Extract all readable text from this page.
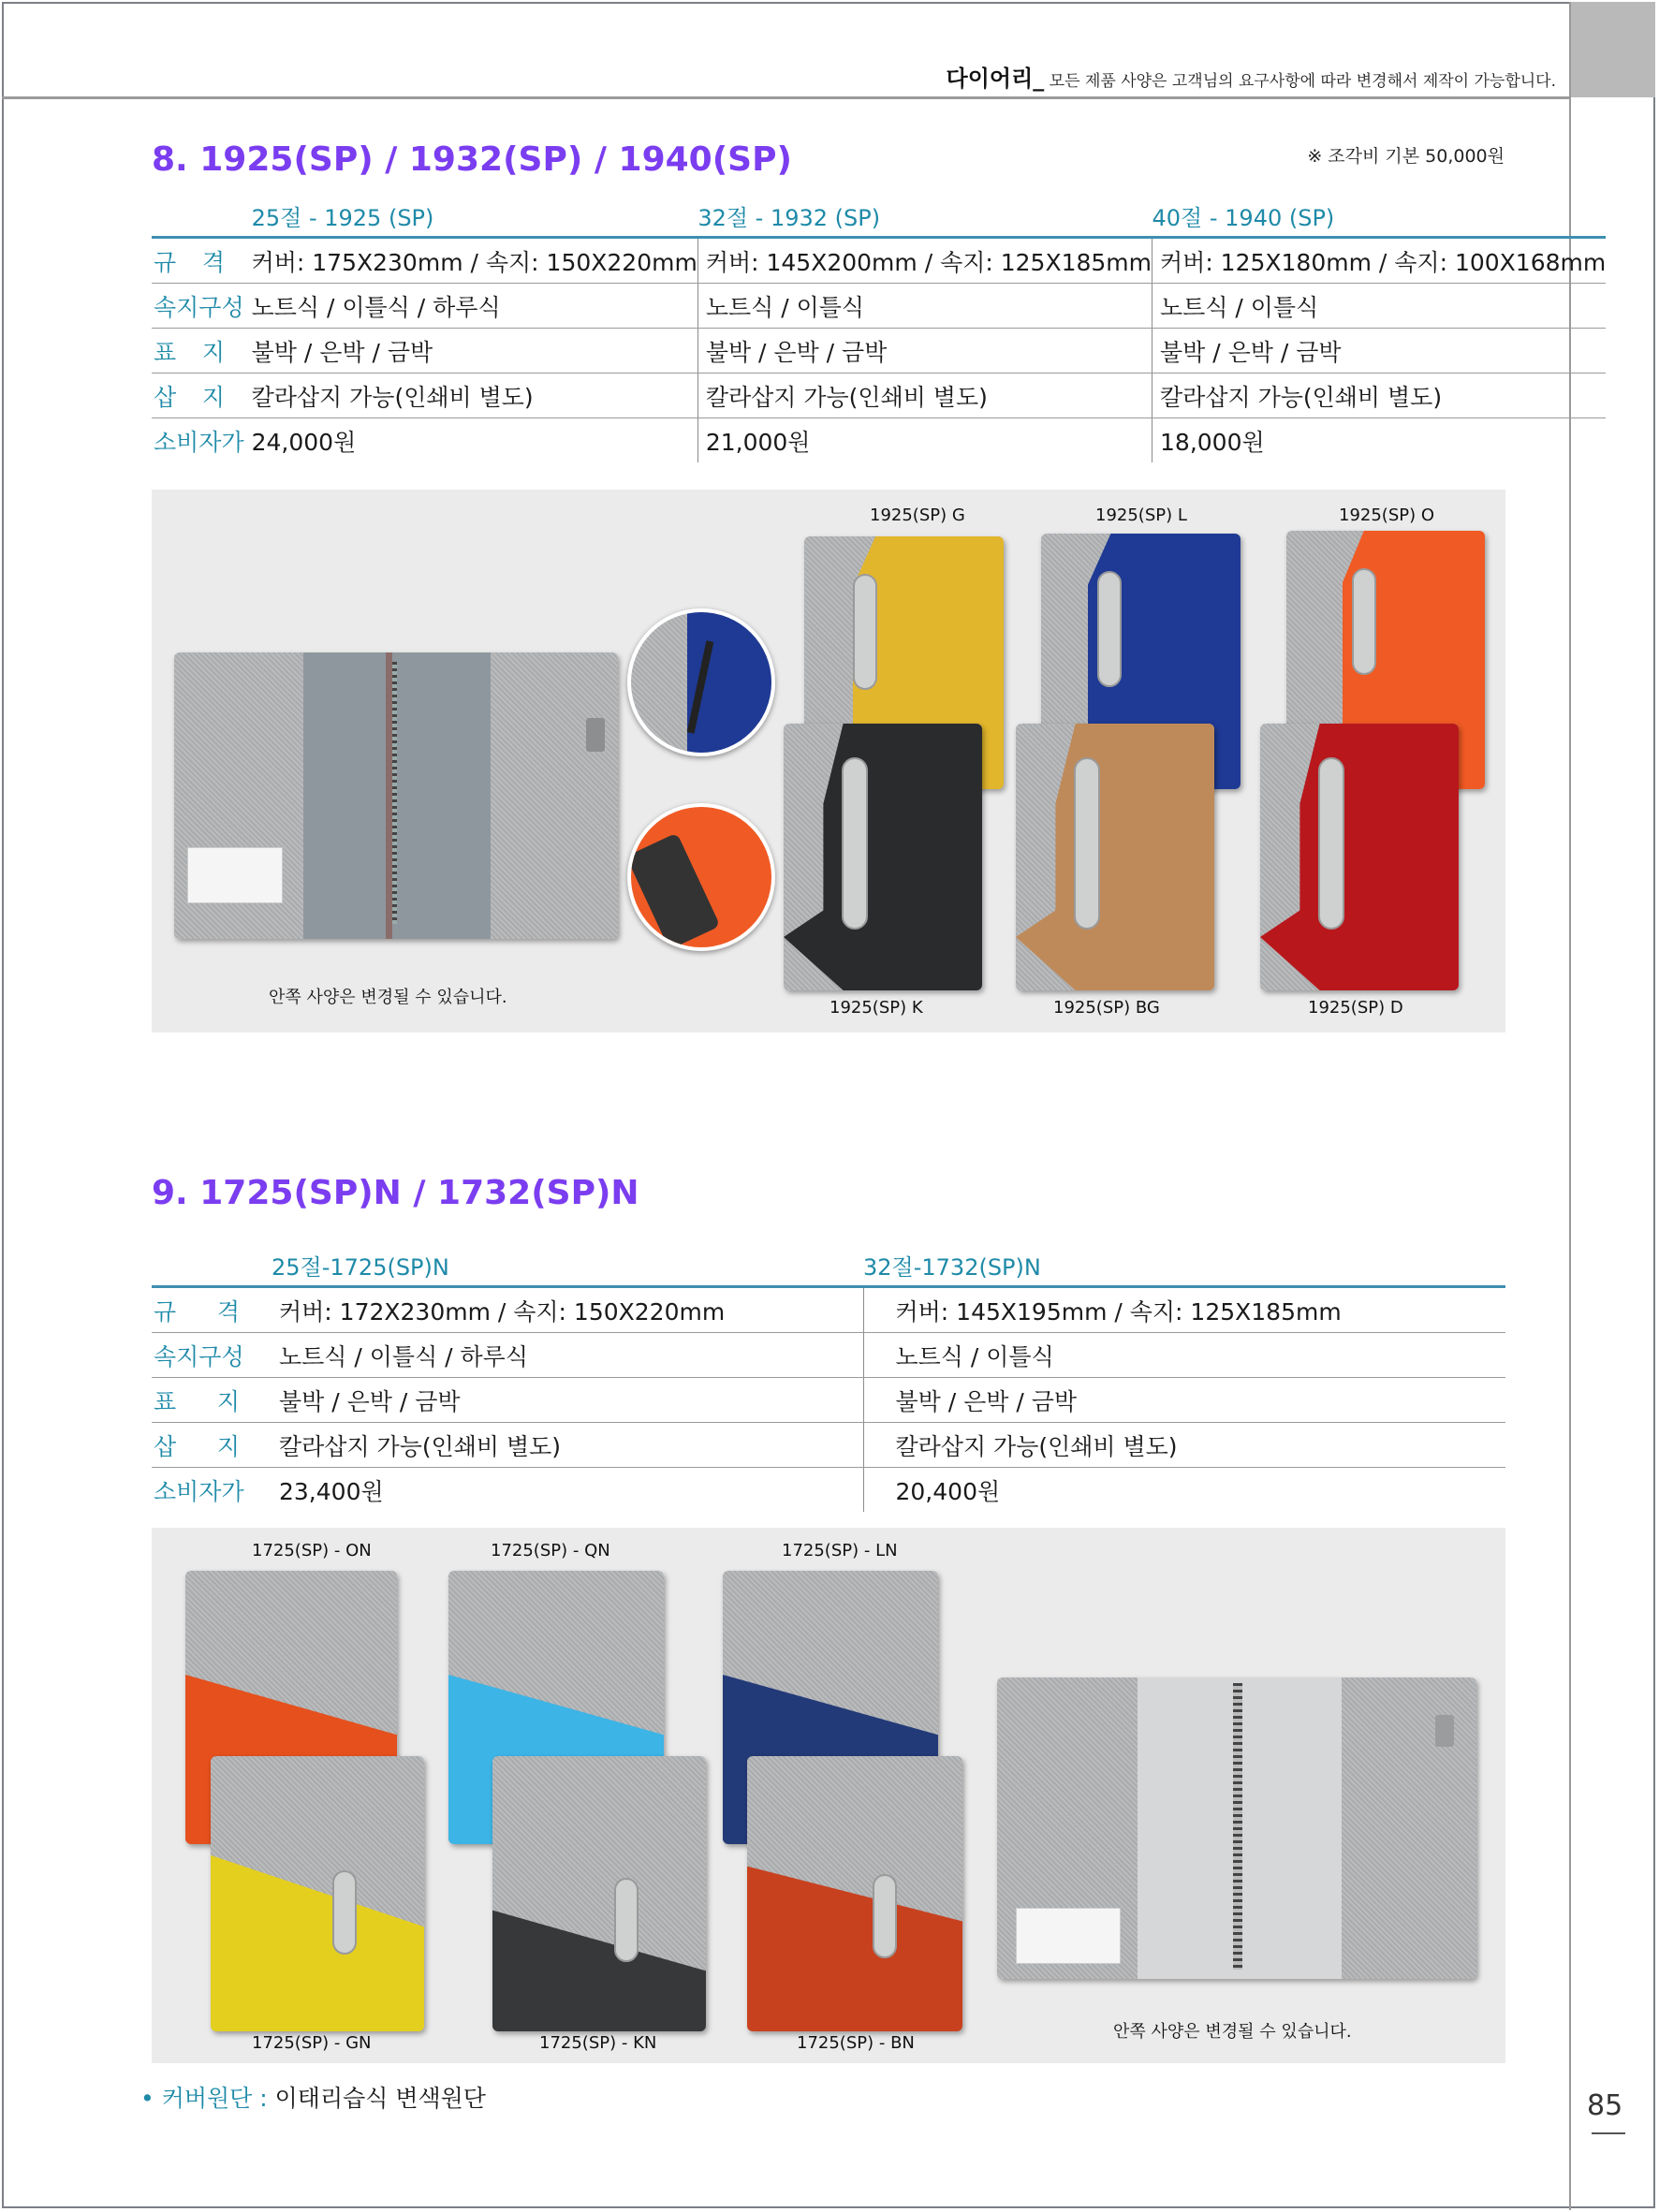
다이어리_ 모든 제품 사양은 고객님의 요구사항에 따라 변경해서 제작이 가능합니다.
8. 1925(SP) / 1932(SP) / 1940(SP)	※ 조각비 기본 50,000원
	25절 - 1925 (SP)	32절 - 1932 (SP)	40절 - 1940 (SP)

규 격	커버: 175X230mm / 속지: 150X220mm	커버: 145X200mm / 속지: 125X185mm	커버: 125X180mm / 속지: 100X168mm
속지구성	노트식 / 이틀식 / 하루식	노트식 / 이틀식	노트식 / 이틀식

표 지	불박 / 은박 / 금박	불박 / 은박 / 금박	불박 / 은박 / 금박

삽 지	칼라삽지 가능(인쇄비 별도)	칼라삽지 가능(인쇄비 별도)	칼라삽지 가능(인쇄비 별도)
소비자가	24,000원	21,000원	18,000원
안쪽 사양은 변경될 수 있습니다.
1925(SP) G	1925(SP) L	1925(SP) O
1925(SP) K	1925(SP) BG	1925(SP) D
9. 1725(SP)N / 1732(SP)N
	25절-1725(SP)N	32절-1732(SP)N

규 격	커버: 172X230mm / 속지: 150X220mm	커버: 145X195mm / 속지: 125X185mm
속지구성	노트식 / 이틀식 / 하루식	노트식 / 이틀식

표 지	불박 / 은박 / 금박	불박 / 은박 / 금박

삽 지	칼라삽지 가능(인쇄비 별도)	칼라삽지 가능(인쇄비 별도)
소비자가	23,400원	20,400원
1725(SP) - ON	1725(SP) - QN	1725(SP) - LN
1725(SP) - GN	1725(SP) - KN	1725(SP) - BN
안쪽 사양은 변경될 수 있습니다.
• 커버원단 : 이태리습식 변색원단	85
